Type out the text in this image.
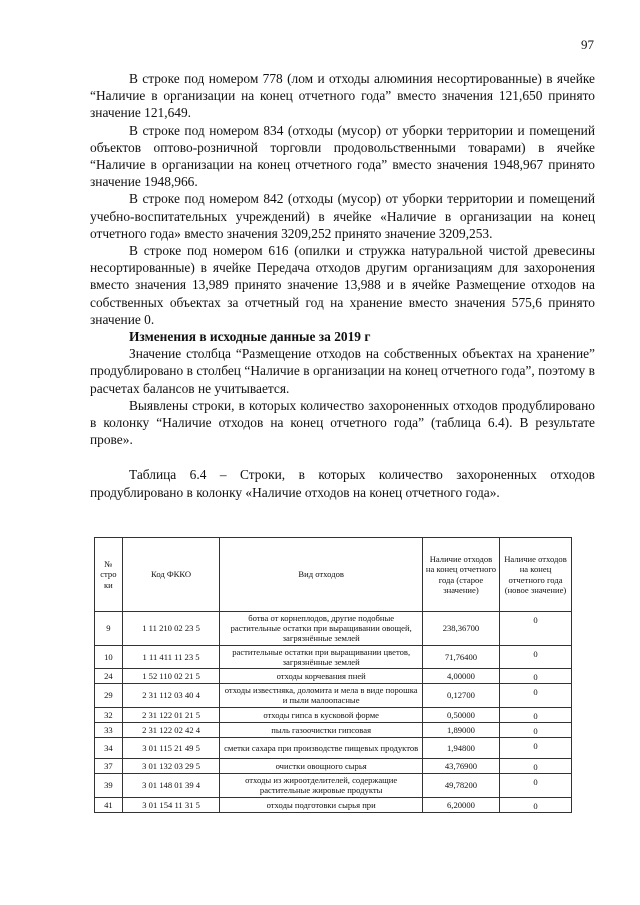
97

В строке под номером 778 (лом и отходы алюминия несортированные) в ячейке “Наличие в организации на конец отчетного года” вместо значения 121,650 принято значение 121,649.

В строке под номером 834 (отходы (мусор) от уборки территории и помещений объектов оптово-розничной торговли продовольственными товарами) в ячейке “Наличие в организации на конец отчетного года” вместо значения 1948,967 принято значение 1948,966.

В строке под номером 842 (отходы (мусор) от уборки территории и помещений учебно-воспитательных учреждений) в ячейке «Наличие в организации на конец отчетного года» вместо значения 3209,252 принято значение 3209,253.

В строке под номером 616 (опилки и стружка натуральной чистой древесины несортированные) в ячейке Передача отходов другим организациям для захоронения вместо значения 13,989 принято значение 13,988 и в ячейке Размещение отходов на собственных объектах за отчетный год на хранение вместо значения 575,6 принято значение 0.

Изменения в исходные данные за 2019 г

Значение столбца “Размещение отходов на собственных объектах на хранение” продублировано в столбец “Наличие в организации на конец отчетного года”, поэтому в расчетах балансов не учитывается.

Выявлены строки, в которых количество захороненных отходов продублировано в колонку “Наличие отходов на конец отчетного года” (таблица 6.4). В результате прове».

Таблица 6.4 – Строки, в которых количество захороненных отходов продублировано в колонку «Наличие отходов на конец отчетного года».

№ стро ки	Код ФККО	Вид отходов	Наличие отходов на конец отчетного года (старое значение)	Наличие отходов на конец отчетного года (новое значение)
9	1 11 210 02 23 5	ботва от корнеплодов, другие подобные растительные остатки при выращивании овощей, загрязнённые землей	238,36700	0
10	1 11 411 11 23 5	растительные остатки при выращивании цветов, загрязнённые землей	71,76400	0
24	1 52 110 02 21 5	отходы корчевания пней	4,00000	0
29	2 31 112 03 40 4	отходы известняка, доломита и мела в виде порошка и пыли малоопасные	0,12700	0
32	2 31 122 01 21 5	отходы гипса в кусковой форме	0,50000	0
33	2 31 122 02 42 4	пыль газоочистки гипсовая	1,89000	0
34	3 01 115 21 49 5	сметки сахара при производстве пищевых продуктов	1,94800	0
37	3 01 132 03 29 5	очистки овощного сырья	43,76900	0
39	3 01 148 01 39 4	отходы из жироотделителей, содержащие растительные жировые продукты	49,78200	0
41	3 01 154 11 31 5	отходы подготовки сырья при	6,20000	0
